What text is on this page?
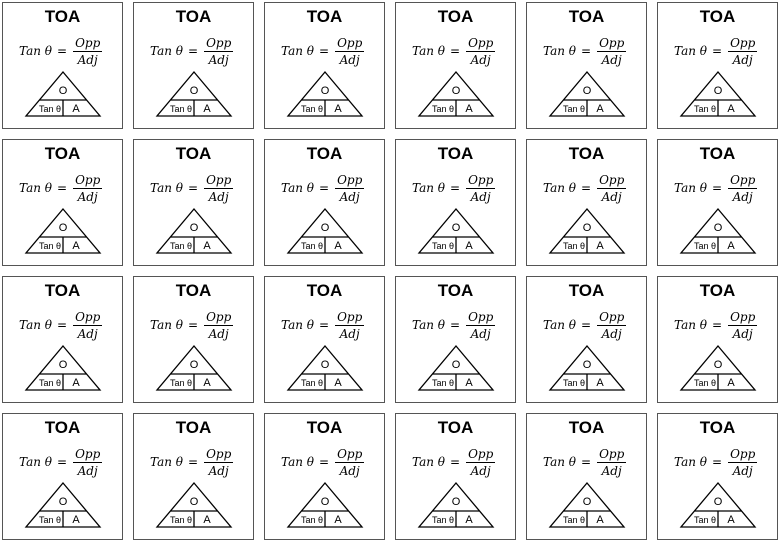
TOA
Tan $\theta = \frac{\text{Opp}}{\text{Adj}}$
O
Tan θ A
TOA
Tan $\theta = \frac{\text{Opp}}{\text{Adj}}$
O
Tan θ A
TOA
Tan $\theta = \frac{\text{Opp}}{\text{Adj}}$
O
Tan θ A
TOA
Tan $\theta = \frac{\text{Opp}}{\text{Adj}}$
O
Tan θ A
TOA
Tan $\theta = \frac{\text{Opp}}{\text{Adj}}$
O
Tan θ A
TOA
Tan $\theta = \frac{\text{Opp}}{\text{Adj}}$
O
Tan θ A
TOA
Tan $\theta = \frac{\text{Opp}}{\text{Adj}}$
O
Tan θ A
TOA
Tan $\theta = \frac{\text{Opp}}{\text{Adj}}$
O
Tan θ A
TOA
Tan $\theta = \frac{\text{Opp}}{\text{Adj}}$
O
Tan θ A
TOA
Tan $\theta = \frac{\text{Opp}}{\text{Adj}}$
O
Tan θ A
TOA
Tan $\theta = \frac{\text{Opp}}{\text{Adj}}$
O
Tan θ A
TOA
Tan $\theta = \frac{\text{Opp}}{\text{Adj}}$
O
Tan θ A
TOA
Tan $\theta = \frac{\text{Opp}}{\text{Adj}}$
O
Tan θ A
TOA
Tan $\theta = \frac{\text{Opp}}{\text{Adj}}$
O
Tan θ A
TOA
Tan $\theta = \frac{\text{Opp}}{\text{Adj}}$
O
Tan θ A
TOA
Tan $\theta = \frac{\text{Opp}}{\text{Adj}}$
O
Tan θ A
TOA
Tan $\theta = \frac{\text{Opp}}{\text{Adj}}$
O
Tan θ A
TOA
Tan $\theta = \frac{\text{Opp}}{\text{Adj}}$
O
Tan θ A
TOA
Tan $\theta = \frac{\text{Opp}}{\text{Adj}}$
O
Tan θ A
TOA
Tan $\theta = \frac{\text{Opp}}{\text{Adj}}$
O
Tan θ A
TOA
Tan $\theta = \frac{\text{Opp}}{\text{Adj}}$
O
Tan θ A
TOA
Tan $\theta = \frac{\text{Opp}}{\text{Adj}}$
O
Tan θ A
TOA
Tan $\theta = \frac{\text{Opp}}{\text{Adj}}$
O
Tan θ A
TOA
Tan $\theta = \frac{\text{Opp}}{\text{Adj}}$
O
Tan θ A
